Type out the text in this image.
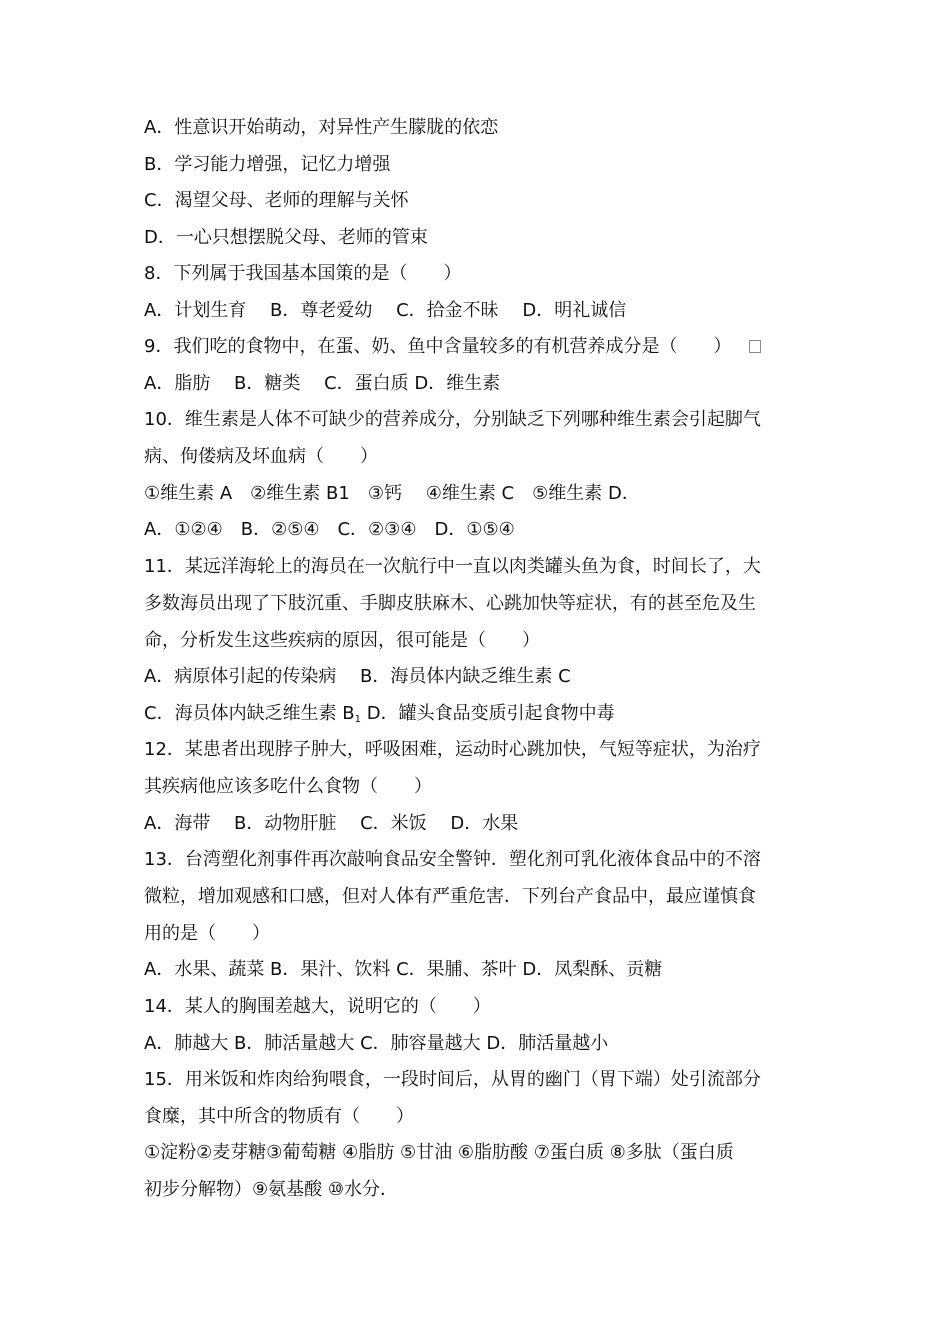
A．性意识开始萌动，对异性产生朦胧的依恋
B．学习能力增强，记忆力增强
C．渴望父母、老师的理解与关怀
D．一心只想摆脱父母、老师的管束
8．下列属于我国基本国策的是（　　）
A．计划生育　 B．尊老爱幼　 C．拾金不昧　 D．明礼诚信
9．我们吃的食物中，在蛋、奶、鱼中含量较多的有机营养成分是（　　）
A．脂肪　 B．糖类　 C．蛋白质 D．维生素
10．维生素是人体不可缺少的营养成分，分别缺乏下列哪种维生素会引起脚气
病、佝偻病及坏血病（　　）
①维生素 A　②维生素 B1　③钙　 ④维生素 C　⑤维生素 D．
A．①②④　B．②⑤④　C．②③④　D．①⑤④
11．某远洋海轮上的海员在一次航行中一直以肉类罐头鱼为食，时间长了，大
多数海员出现了下肢沉重、手脚皮肤麻木、心跳加快等症状，有的甚至危及生
命，分析发生这些疾病的原因，很可能是（　　）
A．病原体引起的传染病　 B．海员体内缺乏维生素 C
C．海员体内缺乏维生素 $B_1$ D．罐头食品变质引起食物中毒
12．某患者出现脖子肿大，呼吸困难，运动时心跳加快，气短等症状，为治疗
其疾病他应该多吃什么食物（　　）
A．海带　 B．动物肝脏　 C．米饭　 D．水果
13．台湾塑化剂事件再次敲响食品安全警钟．塑化剂可乳化液体食品中的不溶
微粒，增加观感和口感，但对人体有严重危害．下列台产食品中，最应谨慎食
用的是（　　）
A．水果、蔬菜 B．果汁、饮料 C．果脯、茶叶 D．凤梨酥、贡糖
14．某人的胸围差越大，说明它的（　　）
A．肺越大 B．肺活量越大 C．肺容量越大 D．肺活量越小
15．用米饭和炸肉给狗喂食，一段时间后，从胃的幽门（胃下端）处引流部分
食糜，其中所含的物质有（　　）
①淀粉②麦芽糖③葡萄糖 ④脂肪 ⑤甘油 ⑥脂肪酸 ⑦蛋白质 ⑧多肽（蛋白质
初步分解物）⑨氨基酸 ⑩水分．
